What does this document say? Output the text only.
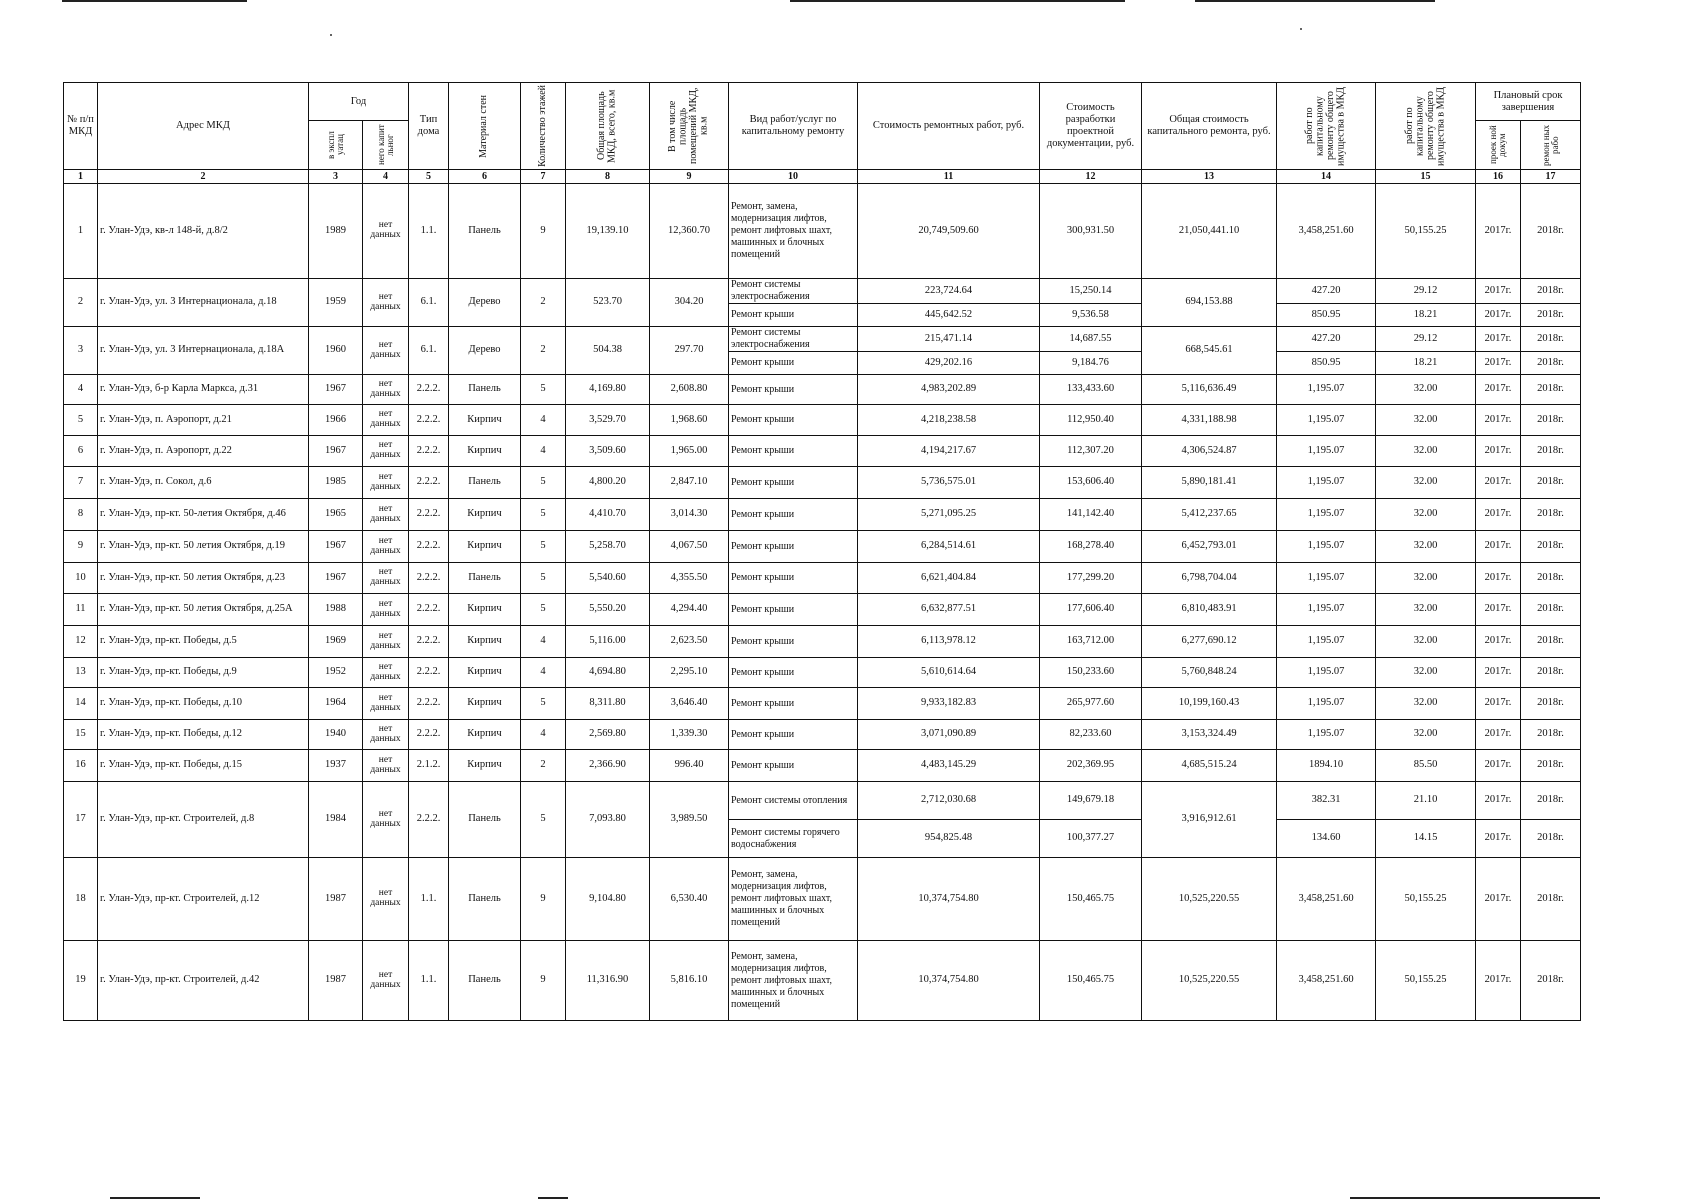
№ п/п МКД	Адрес МКД	Год		Тип дома	Материал стен	Количество этажей	Общая площадь МКД, всего, кв.м	В том числе площадь помещений МКД, кв.м	Вид работ/услуг по капитальному ремонту	Стоимость ремонтных работ, руб.	Стоимость разработки проектной документации, руб.	Общая стоимость капитального ремонта, руб.	работ по капитальному ремонту общего имущества в МКД	работ по капитальному ремонту общего имущества в МКД	Плановый срок завершения	

		в экспл уатац	него капит льног												проек ной докум	ремон ных рабо

1	2	3	4	5	6	7	8	9	10	11	12	13	14	15	16	17
1	г. Улан-Удэ, кв-л 148-й, д.8/2	1989	нет данных	1.1.	Панель	9	19,139.10	12,360.70	Ремонт, замена, модернизация лифтов, ремонт лифтовых шахт, машинных и блочных помещений	20,749,509.60	300,931.50	21,050,441.10	3,458,251.60	50,155.25	2017г.	2018г.
2	г. Улан-Удэ, ул. 3 Интернационала, д.18	1959	нет данных	6.1.	Дерево	2	523.70	304.20	Ремонт системы электроснабжения	223,724.64	15,250.14	694,153.88	427.20	29.12	2017г.	2018г.
									Ремонт крыши	445,642.52	9,536.58		850.95	18.21	2017г.	2018г.
3	г. Улан-Удэ, ул. 3 Интернационала, д.18А	1960	нет данных	6.1.	Дерево	2	504.38	297.70	Ремонт системы электроснабжения	215,471.14	14,687.55	668,545.61	427.20	29.12	2017г.	2018г.
									Ремонт крыши	429,202.16	9,184.76		850.95	18.21	2017г.	2018г.
4	г. Улан-Удэ, б-р Карла Маркса, д.31	1967	нет данных	2.2.2.	Панель	5	4,169.80	2,608.80	Ремонт крыши	4,983,202.89	133,433.60	5,116,636.49	1,195.07	32.00	2017г.	2018г.
5	г. Улан-Удэ, п. Аэропорт, д.21	1966	нет данных	2.2.2.	Кирпич	4	3,529.70	1,968.60	Ремонт крыши	4,218,238.58	112,950.40	4,331,188.98	1,195.07	32.00	2017г.	2018г.
6	г. Улан-Удэ, п. Аэропорт, д.22	1967	нет данных	2.2.2.	Кирпич	4	3,509.60	1,965.00	Ремонт крыши	4,194,217.67	112,307.20	4,306,524.87	1,195.07	32.00	2017г.	2018г.
7	г. Улан-Удэ, п. Сокол, д.6	1985	нет данных	2.2.2.	Панель	5	4,800.20	2,847.10	Ремонт крыши	5,736,575.01	153,606.40	5,890,181.41	1,195.07	32.00	2017г.	2018г.
8	г. Улан-Удэ, пр-кт. 50-летия Октября, д.46	1965	нет данных	2.2.2.	Кирпич	5	4,410.70	3,014.30	Ремонт крыши	5,271,095.25	141,142.40	5,412,237.65	1,195.07	32.00	2017г.	2018г.
9	г. Улан-Удэ, пр-кт. 50 летия Октября, д.19	1967	нет данных	2.2.2.	Кирпич	5	5,258.70	4,067.50	Ремонт крыши	6,284,514.61	168,278.40	6,452,793.01	1,195.07	32.00	2017г.	2018г.
10	г. Улан-Удэ, пр-кт. 50 летия Октября, д.23	1967	нет данных	2.2.2.	Панель	5	5,540.60	4,355.50	Ремонт крыши	6,621,404.84	177,299.20	6,798,704.04	1,195.07	32.00	2017г.	2018г.
11	г. Улан-Удэ, пр-кт. 50 летия Октября, д.25А	1988	нет данных	2.2.2.	Кирпич	5	5,550.20	4,294.40	Ремонт крыши	6,632,877.51	177,606.40	6,810,483.91	1,195.07	32.00	2017г.	2018г.
12	г. Улан-Удэ, пр-кт. Победы, д.5	1969	нет данных	2.2.2.	Кирпич	4	5,116.00	2,623.50	Ремонт крыши	6,113,978.12	163,712.00	6,277,690.12	1,195.07	32.00	2017г.	2018г.
13	г. Улан-Удэ, пр-кт. Победы, д.9	1952	нет данных	2.2.2.	Кирпич	4	4,694.80	2,295.10	Ремонт крыши	5,610,614.64	150,233.60	5,760,848.24	1,195.07	32.00	2017г.	2018г.
14	г. Улан-Удэ, пр-кт. Победы, д.10	1964	нет данных	2.2.2.	Кирпич	5	8,311.80	3,646.40	Ремонт крыши	9,933,182.83	265,977.60	10,199,160.43	1,195.07	32.00	2017г.	2018г.
15	г. Улан-Удэ, пр-кт. Победы, д.12	1940	нет данных	2.2.2.	Кирпич	4	2,569.80	1,339.30	Ремонт крыши	3,071,090.89	82,233.60	3,153,324.49	1,195.07	32.00	2017г.	2018г.
16	г. Улан-Удэ, пр-кт. Победы, д.15	1937	нет данных	2.1.2.	Кирпич	2	2,366.90	996.40	Ремонт крыши	4,483,145.29	202,369.95	4,685,515.24	1894.10	85.50	2017г.	2018г.
17	г. Улан-Удэ, пр-кт. Строителей, д.8	1984	нет данных	2.2.2.	Панель	5	7,093.80	3,989.50	Ремонт системы отопления	2,712,030.68	149,679.18	3,916,912.61	382.31	21.10	2017г.	2018г.
									Ремонт системы горячего водоснабжения	954,825.48	100,377.27		134.60	14.15	2017г.	2018г.
18	г. Улан-Удэ, пр-кт. Строителей, д.12	1987	нет данных	1.1.	Панель	9	9,104.80	6,530.40	Ремонт, замена, модернизация лифтов, ремонт лифтовых шахт, машинных и блочных помещений	10,374,754.80	150,465.75	10,525,220.55	3,458,251.60	50,155.25	2017г.	2018г.
19	г. Улан-Удэ, пр-кт. Строителей, д.42	1987	нет данных	1.1.	Панель	9	11,316.90	5,816.10	Ремонт, замена, модернизация лифтов, ремонт лифтовых шахт, машинных и блочных помещений	10,374,754.80	150,465.75	10,525,220.55	3,458,251.60	50,155.25	2017г.	2018г.
